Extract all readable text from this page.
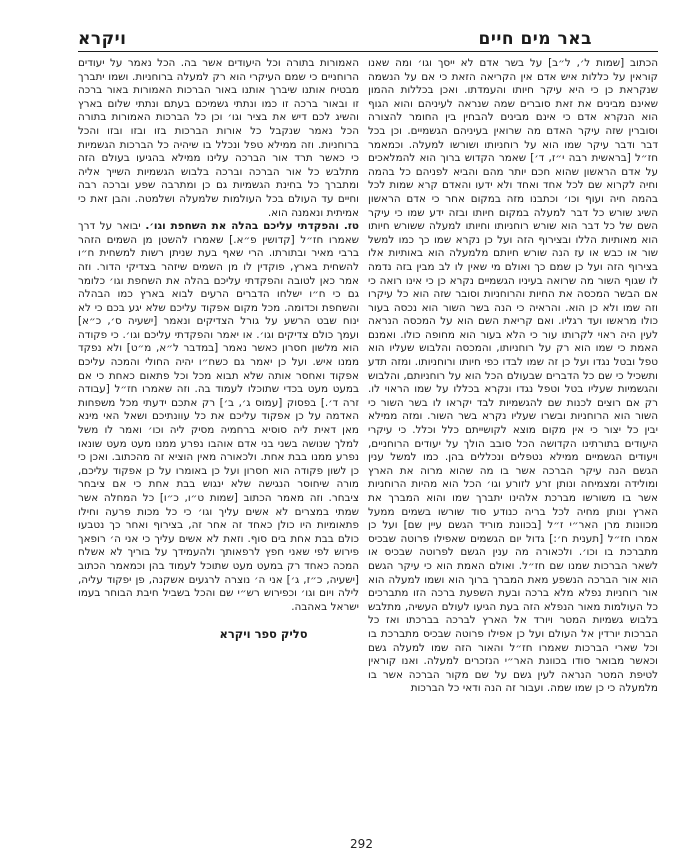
באר מים חיים
ויקרא

הכתוב [שמות ל׳, ל״ב] על בשר אדם לא ייסך וגו׳ ומה שאנו קוראין על כללות איש אדם אין הקריאה הזאת כי אם על הנשמה שנקראת כן כי היא עיקר חיותו והעמדתו. ואכן בכללות ההמון שאינם מבינים את זאת סוברים שמה שנראה לעיניהם והוא הגוף הוא הנקרא אדם כי אינם מבינים להבחין בין החומר להצורה וסוברין שזה עיקר האדם מה שרואין בעיניהם הגשמיים. וכן בכל דבר ודבר עיקר שמו הוא על רוחניותו ושורשו למעלה. וכמאמר חז״ל [בראשית רבה י״ז, ד׳] שאמר הקדוש ברוך הוא להמלאכים על אדם הראשון שהוא חכם יותר מהם והביא לפניהם כל בהמה וחיה לקרוא שם לכל אחד ואחד ולא ידעו והאדם קרא שמות לכל בהמה חיה ועוף וכו׳ וכתבנו מזה במקום אחר כי אדם הראשון השיג שורש כל דבר למעלה במקום חיותו ובזה ידע שמו כי עיקר השם של כל דבר הוא שורש רוחניותו וחיותו למעלה ששורש חיותו הוא מאותיות הללו ובצירוף הזה ועל כן נקרא שמו כך כמו למשל שור או כבש או עז הנה שורש חיותם מלמעלה הוא באותיות אלו בצירוף הזה ועל כן שמם כך ואולם מי שאין לו לב מבין בזה נדמה לו שגוף השור מה שרואה בעיניו הגשמיים נקרא כן כי אינו רואה כי אם הבשר המכסה את החיות והרוחניות וסובר שזה הוא כל עיקרו וזה שמו ולא כן הוא. והראיה כי הנה בשר השור הוא נכסה בעור כולו מראשו ועד רגליו. ואם קריאת השם הוא על המכסה הנראה לעין היה ראוי לקרותו עור כי הלא בעור הוא מחופה כולו. ואמנם האמת כי שמו הוא רק על רוחניותו, והמכסה והלבוש שעליו הוא טפל ובטל נגדו ועל כן זה שמו לבדו כפי חיותו ורוחניותו. ומזה תדע ותשכיל כי שם כל הדברים שבעולם הכל הוא על רוחניותם, והלבוש והגשמיות שעליו בטל וטפל נגדו ונקרא בכללו על שמו הראוי לו. רק אם רוצים לכנות שם להגשמיות לבד יקראו לו בשר השור כי השור הוא הרוחניות ובשרו שעליו נקרא בשר השור. ומזה ממילא יבין כל יצור כי אין מקום מוצא לקושייתם כלל וכלל. כי עיקרי היעודים בתורתינו הקדושה הכל סובב הולך על יעודים הרוחניים, ויעודים הגשמיים ממילא נטפלים ונכללים בהן. כמו למשל ענין הגשם הנה עיקר הברכה אשר בו מה שהוא מרוה את הארץ ומולידה ומצמיחה ונותן זרע לזורע וגו׳ הכל הוא מהיות הרוחניות אשר בו משורשו מברכת אלהינו יתברך שמו והוא המברך את הארץ ונותן מחיה לכל בריה כנודע סוד שורשו בשמים ממעל מכוונות מרן האר״י ז״ל [בכוונת מוריד הגשם עיין שם] ועל כן אמרו חז״ל [תענית ח׳:] גדול יום הגשמים שאפילו פרוטה שבכיס מתברכת בו וכו׳. ולכאורה מה ענין הגשם לפרוטה שבכיס או לשאר הברכות שמנו שם חז״ל. ואולם האמת הוא כי עיקר הגשם הוא אור הברכה הנשפע מאת המברך ברוך הוא ושמו למעלה הוא אור רוחניות נפלא מלא ברכה ובעת השפעת ברכה הזו מתברכים כל העולמות מאור הנפלא הזה בעת הגיעו לעולם העשיה, מתלבש בלבוש גשמיות המטר ויורד אל הארץ לברכה בברכתו ואז כל הברכות יורדין אל העולם ועל כן אפילו פרוטה שבכיס מתברכת בו וכל שארי הברכות שאמרו חז״ל והאור הזה שמו למעלה גשם וכאשר מבואר סודו בכוונת האר״י הנזכרים למעלה. ואנו קוראין לטיפת המטר הנראה לעין גשם על שם מקור הברכה אשר בו מלמעלה כי כן שמו שמה. ועבור זה הנה ודאי כל הברכות

האמורות בתורה וכל היעודים אשר בה. הכל נאמר על יעודים הרוחניים כי שמם העיקרי הוא רק למעלה ברוחניות. ושמו יתברך מבטיח אותנו שיברך אותנו באור הברכות האמורות באור ברכה זו ובאור ברכה זו כמו ונתתי גשמיכם בעתם ונתתי שלום בארץ והשיג לכם דיש את בציר וגו׳ וכן כל הברכות האמורות בתורה הכל נאמר שנקבל כל אורות הברכות בזו ובזו ובזו והכל ברוחניות. וזה ממילא טפל ונכלל בו שיהיה כל הברכות הגשמיות כי כאשר תרד אור הברכה עלינו ממילא בהגיעו בעולם הזה מתלבש כל אור הברכה וברכה בלבוש הגשמיות השייך אליה ומתברך כל בחינת הגשמיות גם כן ומתרבה שפע וברכה רבה וחיים עד העולם בכל העולמות שלמעלה ושלמטה. והבן זאת כי אמיתית ונאמנה הוא.

טז. והפקדתי עליכם בהלה את השחפת וגו׳. יבואר על דרך שאמרו חז״ל [קדושין פ״א.] שאמרו להשטן מן השמים הזהר ברבי מאיר ובתורתו. הרי שאף בעת שניתן רשות למשחית ח״ו להשחית בארץ, פוקדין לו מן השמים שיזהר בצדיקי הדור. וזה אמר כאן לטובה והפקדתי עליכם בהלה את השחפת וגו׳ כלומר גם כי ח״ו ישלחו הדברים הרעים לבוא בארץ כמו הבהלה והשחפת וכדומה. מכל מקום אפקוד עליכם שלא יגע בכם כי לא ינוח שבט הרשע על גורל הצדיקים ונאמר [ישעיה ס׳, כ״א] ועמך כולם צדיקים וגו׳. או יאמר והפקדתי עליכם וגו׳. כי פקודה הוא מלשון חסרון כאשר נאמר [במדבר ל״א, מ״ט] ולא נפקד ממנו איש. ועל כן יאמר גם כשח״ו יהיה החולי והמכה עליכם אפקוד ואחסר אותה שלא תבוא מכל וכל פתאום כאחת כי אם במעט מעט בכדי שתוכלו לעמוד בה. וזה שאמרו חז״ל [עבודה זרה ד׳.] בפסוק [עמוס ג׳, ב׳] רק אתכם ידעתי מכל משפחות האדמה על כן אפקוד עליכם את כל עוונתיכם ושאל האי מינא מאן דאית ליה סוסיא ברחמיה מסיק ליה וכו׳ ואמר לו משל למלך שנושה בשני בני אדם אוהבו נפרע ממנו מעט מעט שונאו נפרע ממנו בבת אחת. ולכאורה מאין הוציא זה מהכתוב. ואכן כי כן לשון פקודה הוא חסרון ועל כן באומרו על כן אפקוד עליכם, מורה שיחוסר הנגישה שלא ינגוש בבת אחת כי אם ציבחר ציבחר. וזה מאמר הכתוב [שמות ט״ו, כ״ו] כל המחלה אשר שמתי במצרים לא אשים עליך וגו׳ כי כל מכות פרעה וחילו פתאומיות היו כולן כאחד זה אחר זה, בצירוף ואחר כך נטבעו כולם בבת אחת בים סוף. וזאת לא אשים עליך כי אני ה׳ רופאך פירוש לפי שאני חפץ לרפאותך ולהעמידך על בוריך לא אשלח המכה כאחד רק במעט מעט שתוכל לעמוד בהן וכמאמר הכתוב [ישעיה, כ״ז, ג׳] אני ה׳ נוצרה לרגעים אשקנה, פן יפקוד עליה, לילה ויום וגו׳ וכפירוש רש״י שם והכל בשביל חיבת הבוחר בעמו ישראל באהבה.

סליק ספר ויקרא
292
